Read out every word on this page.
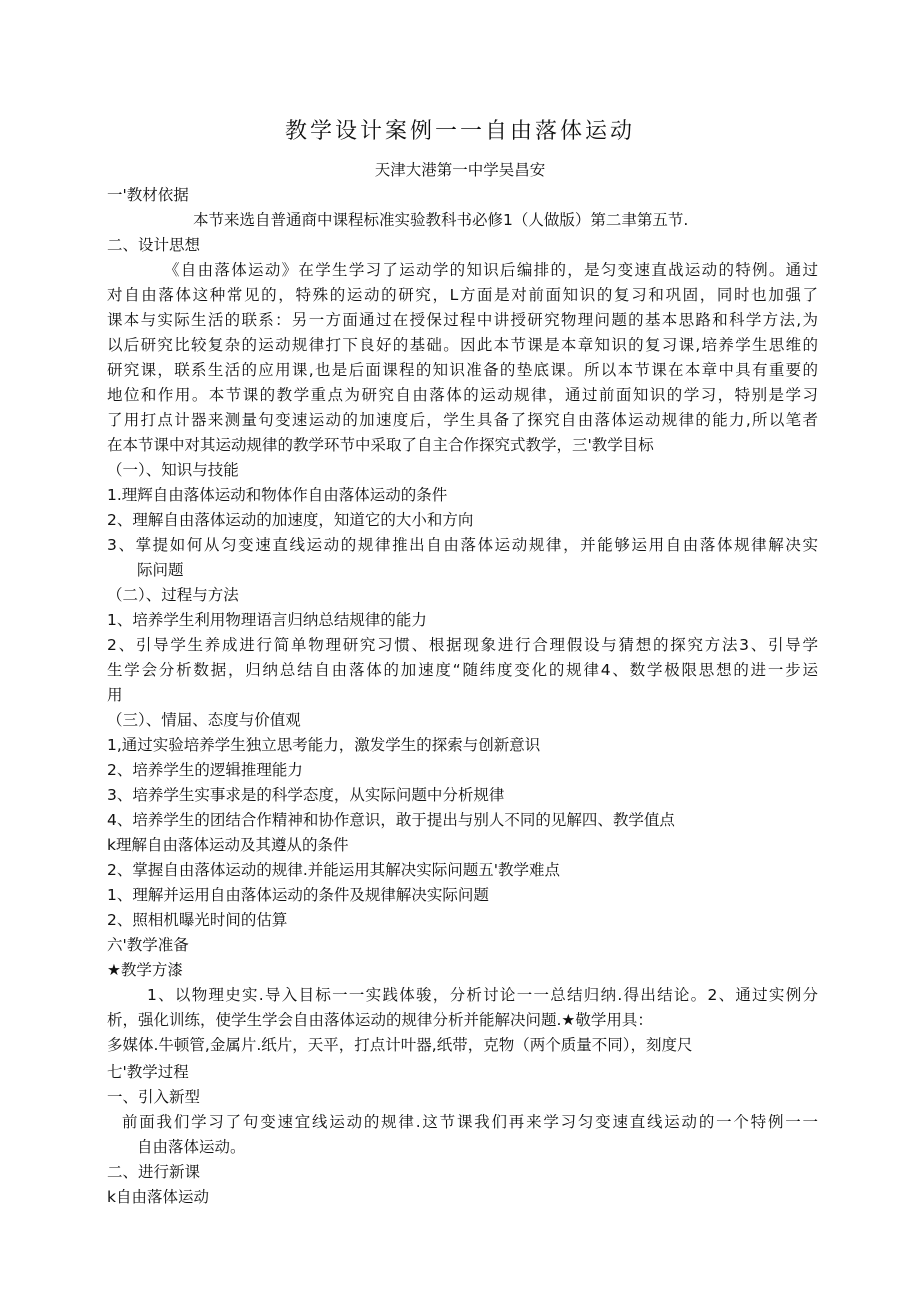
教学设计案例一一自由落体运动
天津大港第一中学吴昌安
一'教材依据
本节来选自普通商中课程标准实验教科书必修1（人做版）第二聿第五节.
二、设计思想
《自由落体运动》在学生学习了运动学的知识后编排的，是匀变速直战运动的特例。通过
对自由落体这种常见的，特殊的运动的研究，L方面是对前面知识的复习和巩固，同时也加强了
课本与实际生活的联系：另一方面通过在授保过程中讲授研究物理问题的基本思路和科学方法,为
以后研究比较复杂的运动规律打下良好的基础。因此本节课是本章知识的复习课,培养学生思维的
研究课，联系生活的应用课,也是后面课程的知识准备的垫底课。所以本节课在本章中具有重要的
地位和作用。本节课的教学重点为研究自由落体的运动规律，通过前面知识的学习，特别是学习
了用打点计器来测量句变速运动的加速度后，学生具备了探究自由落体运动规律的能力,所以笔者
在本节课中对其运动规律的教学环节中采取了自主合作探究式教学，三'教学目标
（一）、知识与技能
1.理辉自由落体运动和物体作自由落体运动的条件
2、理解自由落体运动的加速度，知道它的大小和方向
3、掌提如何从匀变速直线运动的规律推出自由落体运动规律，并能够运用自由落体规律解决实
际问题
（二）、过程与方法
1、培养学生利用物理语言归纳总结规律的能力
2、引导学生养成进行简单物理研究习惯、根据现象进行合理假设与猜想的探究方法3、引导学
生学会分析数据，归纳总结自由落体的加速度“随纬度变化的规律4、数学极限思想的进一步运
用
（三）、情届、态度与价值观
1,通过实验培养学生独立思考能力，激发学生的探索与创新意识
2、培养学生的逻辑推理能力
3、培养学生实事求是的科学态度，从实际问题中分析规律
4、培养学生的团结合作精神和协作意识，敢于提出与别人不同的见解四、教学值点
k理解自由落体运动及其遵从的条件
2、掌握自由落体运动的规律.并能运用其解决实际问题五'教学难点
1、理解并运用自由落体运动的条件及规律解决实际问题
2、照相机曝光时间的估算
六'教学准备
★教学方漆
1、以物理史实.导入目标一一实践体骏，分析讨论一一总结归纳.得出结论。2、通过实例分
析，强化训练，使学生学会自由落体运动的规律分析并能解决问题.★敬学用具：
多媒体.牛顿管,金属片.纸片，天平，打点计叶器,纸带，克物（两个质量不同），刻度尺
七'教学过程
一、引入新型
前面我们学习了句变速宜线运动的规律.这节课我们再来学习匀变速直线运动的一个特例一一
自由落体运动。
二、进行新课
k自由落体运动
